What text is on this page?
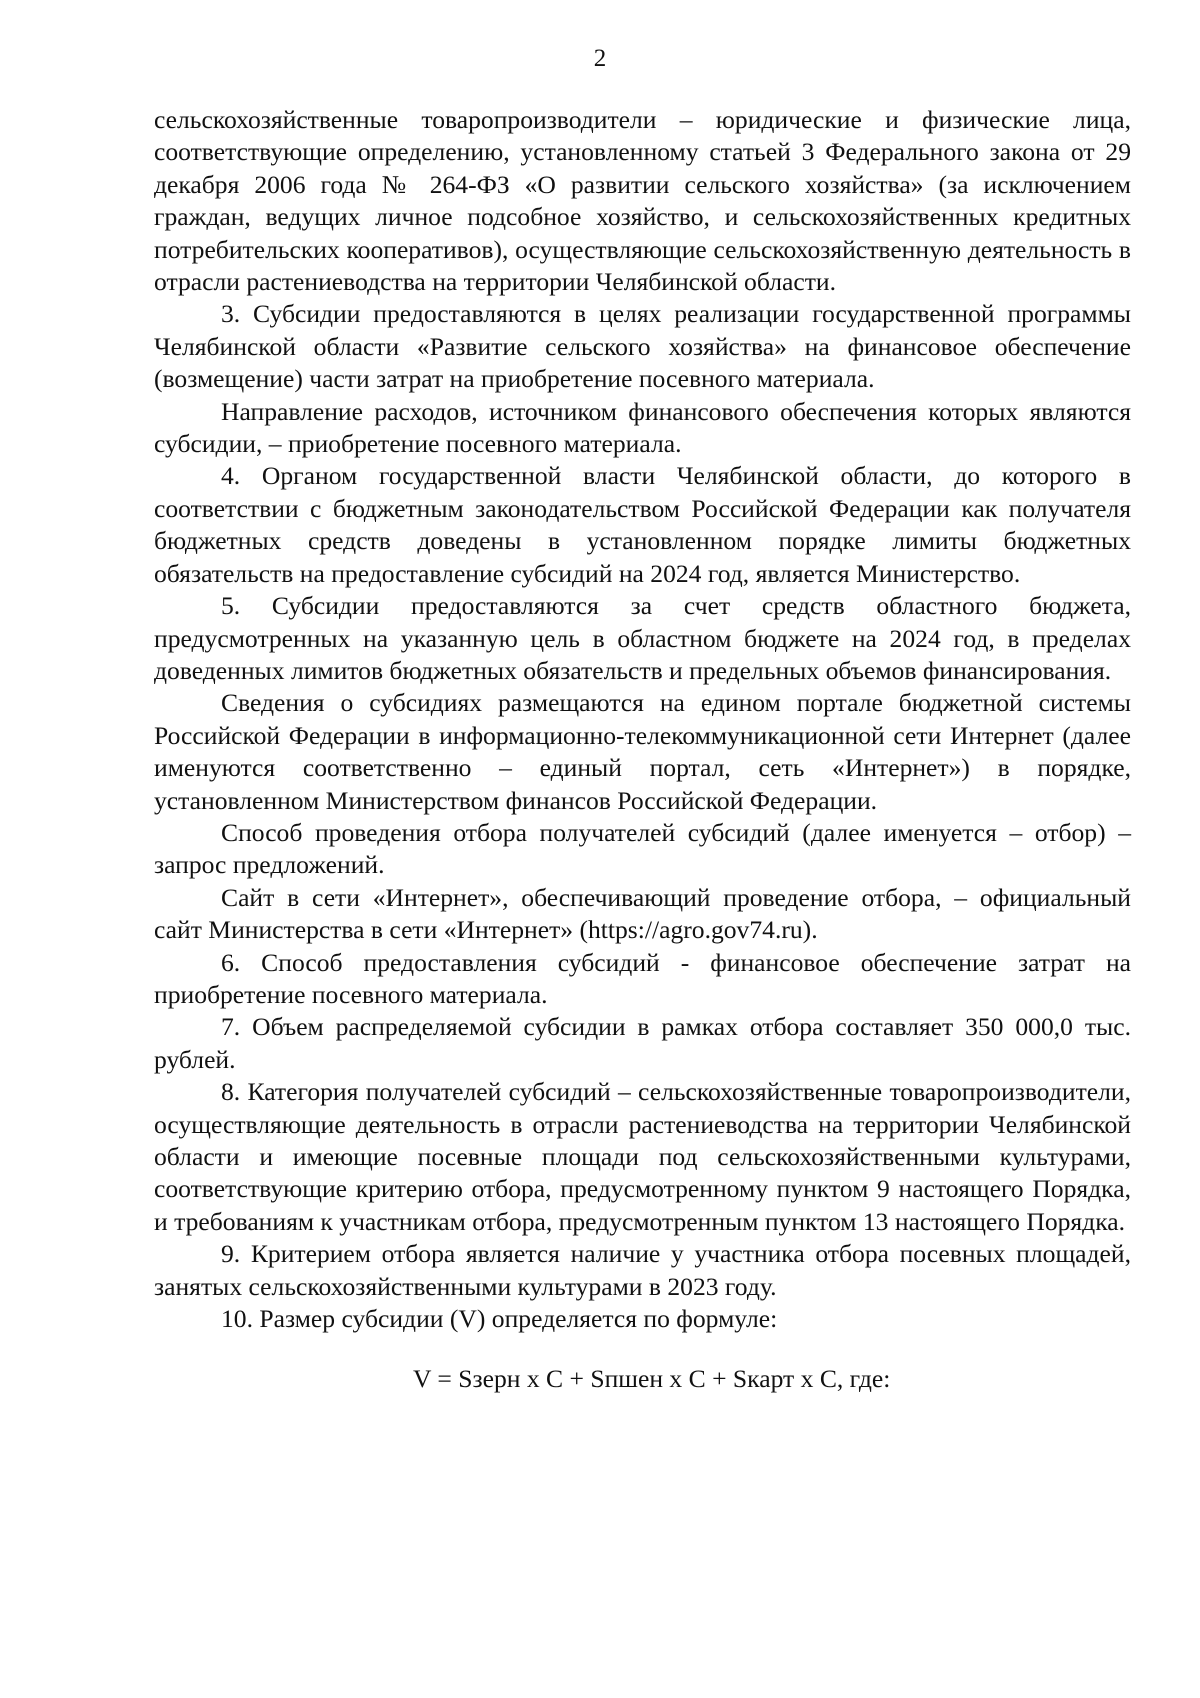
2

сельскохозяйственные товаропроизводители – юридические и физические лица, соответствующие определению, установленному статьей 3 Федерального закона от 29 декабря 2006 года № 264-ФЗ «О развитии сельского хозяйства» (за исключением граждан, ведущих личное подсобное хозяйство, и сельскохозяйственных кредитных потребительских кооперативов), осуществляющие сельскохозяйственную деятельность в отрасли растениеводства на территории Челябинской области.

3. Субсидии предоставляются в целях реализации государственной программы Челябинской области «Развитие сельского хозяйства» на финансовое обеспечение (возмещение) части затрат на приобретение посевного материала.

Направление расходов, источником финансового обеспечения которых являются субсидии, – приобретение посевного материала.

4. Органом государственной власти Челябинской области, до которого в соответствии с бюджетным законодательством Российской Федерации как получателя бюджетных средств доведены в установленном порядке лимиты бюджетных обязательств на предоставление субсидий на 2024 год, является Министерство.

5. Субсидии предоставляются за счет средств областного бюджета, предусмотренных на указанную цель в областном бюджете на 2024 год, в пределах доведенных лимитов бюджетных обязательств и предельных объемов финансирования.

Сведения о субсидиях размещаются на едином портале бюджетной системы Российской Федерации в информационно-телекоммуникационной сети Интернет (далее именуются соответственно – единый портал, сеть «Интернет») в порядке, установленном Министерством финансов Российской Федерации.

Способ проведения отбора получателей субсидий (далее именуется – отбор) – запрос предложений.

Сайт в сети «Интернет», обеспечивающий проведение отбора, – официальный сайт Министерства в сети «Интернет» (https://agro.gov74.ru).

6. Способ предоставления субсидий - финансовое обеспечение затрат на приобретение посевного материала.

7. Объем распределяемой субсидии в рамках отбора составляет 350 000,0 тыс. рублей.

8. Категория получателей субсидий – сельскохозяйственные товаропроизводители, осуществляющие деятельность в отрасли растениеводства на территории Челябинской области и имеющие посевные площади под сельскохозяйственными культурами, соответствующие критерию отбора, предусмотренному пунктом 9 настоящего Порядка, и требованиям к участникам отбора, предусмотренным пунктом 13 настоящего Порядка.

9. Критерием отбора является наличие у участника отбора посевных площадей, занятых сельскохозяйственными культурами в 2023 году.

10. Размер субсидии (V) определяется по формуле:

V = Sзерн х С + Sпшен х С + Sкарт х С, где:
